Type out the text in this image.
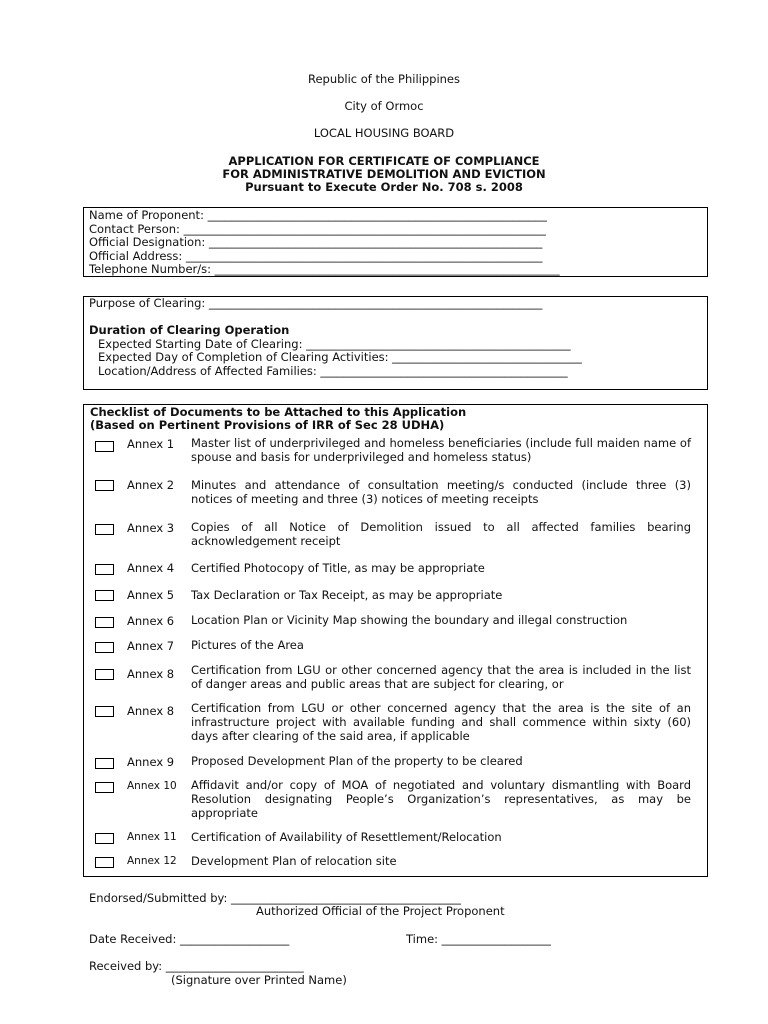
Republic of the Philippines
City of Ormoc
LOCAL HOUSING BOARD
APPLICATION FOR CERTIFICATE OF COMPLIANCE
FOR ADMINISTRATIVE DEMOLITION AND EVICTION
Pursuant to Execute Order No. 708 s. 2008
Name of Proponent: ___________________________________________________________
Contact Person: _______________________________________________________________
Official Designation: __________________________________________________________
Official Address: ______________________________________________________________
Telephone Number/s: ____________________________________________________________
Purpose of Clearing: __________________________________________________________
Duration of Clearing Operation
Expected Starting Date of Clearing: ______________________________________________
Expected Day of Completion of Clearing Activities: _________________________________
Location/Address of Affected Families: ___________________________________________
Checklist of Documents to be Attached to this Application
(Based on Pertinent Provisions of IRR of Sec 28 UDHA)
Annex 1 Master list of underprivileged and homeless beneficiaries (include full maiden name of spouse and basis for underprivileged and homeless status)
Annex 2 Minutes and attendance of consultation meeting/s conducted (include three (3) notices of meeting and three (3) notices of meeting receipts
Annex 3 Copies of all Notice of Demolition issued to all affected families bearing acknowledgement receipt
Annex 4 Certified Photocopy of Title, as may be appropriate
Annex 5 Tax Declaration or Tax Receipt, as may be appropriate
Annex 6 Location Plan or Vicinity Map showing the boundary and illegal construction
Annex 7 Pictures of the Area
Annex 8 Certification from LGU or other concerned agency that the area is included in the list of danger areas and public areas that are subject for clearing, or
Annex 8 Certification from LGU or other concerned agency that the area is the site of an infrastructure project with available funding and shall commence within sixty (60) days after clearing of the said area, if applicable
Annex 9 Proposed Development Plan of the property to be cleared
Annex 10 Affidavit and/or copy of MOA of negotiated and voluntary dismantling with Board Resolution designating People’s Organization’s representatives, as may be appropriate
Annex 11 Certification of Availability of Resettlement/Relocation
Annex 12 Development Plan of relocation site
Endorsed/Submitted by: ________________________________________
Authorized Official of the Project Proponent
Date Received: ___________________	Time: ___________________
Received by: ________________________
(Signature over Printed Name)
